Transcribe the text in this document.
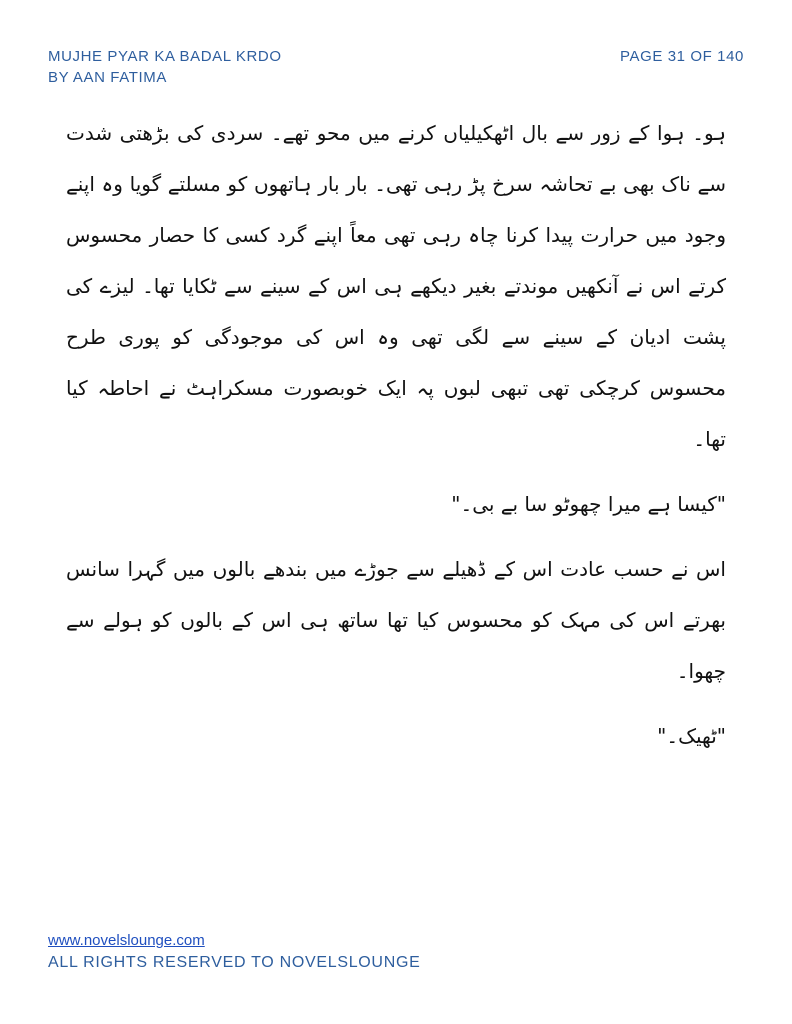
MUJHE PYAR KA BADAL KRDO
BY AAN FATIMA
PAGE 31 OF 140

ہو۔ ہوا کے زور سے بال اٹھکیلیاں کرنے میں محو تھے۔ سردی کی بڑھتی شدت سے ناک بھی بے تحاشہ سرخ پڑ رہی تھی۔ بار بار ہاتھوں کو مسلتے گویا وہ اپنے وجود میں حرارت پیدا کرنا چاہ رہی تھی معاً اپنے گرد کسی کا حصار محسوس کرتے اس نے آنکھیں موندتے بغیر دیکھے ہی اس کے سینے سے ٹکایا تھا۔ لیزے کی پشت ادیان کے سینے سے لگی تھی وہ اس کی موجودگی کو پوری طرح محسوس کرچکی تھی تبھی لبوں پہ ایک خوبصورت مسکراہٹ نے احاطہ کیا تھا۔

"کیسا ہے میرا چھوٹو سا بے بی۔"

اس نے حسب عادت اس کے ڈھیلے سے جوڑے میں بندھے بالوں میں گہرا سانس بھرتے اس کی مہک کو محسوس کیا تھا ساتھ ہی اس کے بالوں کو ہولے سے چھوا۔

"ٹھیک۔"

www.novelslounge.com
ALL RIGHTS RESERVED TO NOVELSLOUNGE
